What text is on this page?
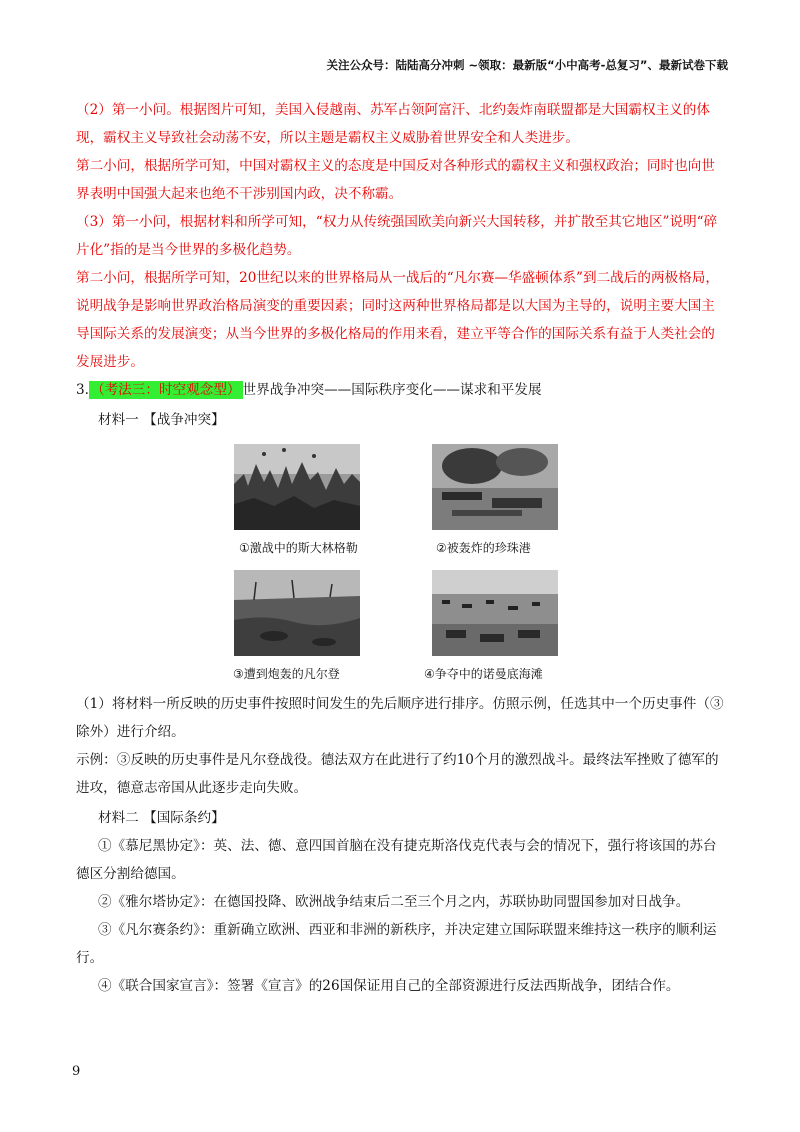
关注公众号：陆陆高分冲刺 ~领取：最新版“小中高考-总复习”、最新试卷下载

（2）第一小问。根据图片可知，美国入侵越南、苏军占领阿富汗、北约轰炸南联盟都是大国霸权主义的体现，霸权主义导致社会动荡不安，所以主题是霸权主义威胁着世界安全和人类进步。

第二小问，根据所学可知，中国对霸权主义的态度是中国反对各种形式的霸权主义和强权政治；同时也向世界表明中国强大起来也绝不干涉别国内政，决不称霸。

（3）第一小问，根据材料和所学可知，“权力从传统强国欧美向新兴大国转移，并扩散至其它地区”说明“碎片化”指的是当今世界的多极化趋势。

第二小问，根据所学可知，20世纪以来的世界格局从一战后的“凡尔赛—华盛顿体系”到二战后的两极格局，说明战争是影响世界政治格局演变的重要因素；同时这两种世界格局都是以大国为主导的，说明主要大国主导国际关系的发展演变；从当今世界的多极化格局的作用来看，建立平等合作的国际关系有益于人类社会的发展进步。

3. （考法三：时空观念型） 世界战争冲突——国际秩序变化——谋求和平发展

材料一 【战争冲突】
①激战中的斯大林格勒	②被轰炸的珍珠港
③遭到炮轰的凡尔登	④争夺中的诺曼底海滩

（1）将材料一所反映的历史事件按照时间发生的先后顺序进行排序。仿照示例，任选其中一个历史事件（③除外）进行介绍。

示例：③反映的历史事件是凡尔登战役。德法双方在此进行了约10个月的激烈战斗。最终法军挫败了德军的进攻，德意志帝国从此逐步走向失败。

材料二 【国际条约】

①《慕尼黑协定》：英、法、德、意四国首脑在没有捷克斯洛伐克代表与会的情况下，强行将该国的苏台德区分割给德国。

②《雅尔塔协定》：在德国投降、欧洲战争结束后二至三个月之内，苏联协助同盟国参加对日战争。

③《凡尔赛条约》：重新确立欧洲、西亚和非洲的新秩序，并决定建立国际联盟来维持这一秩序的顺利运行。

④《联合国家宣言》：签署《宣言》的26国保证用自己的全部资源进行反法西斯战争，团结合作。

9
